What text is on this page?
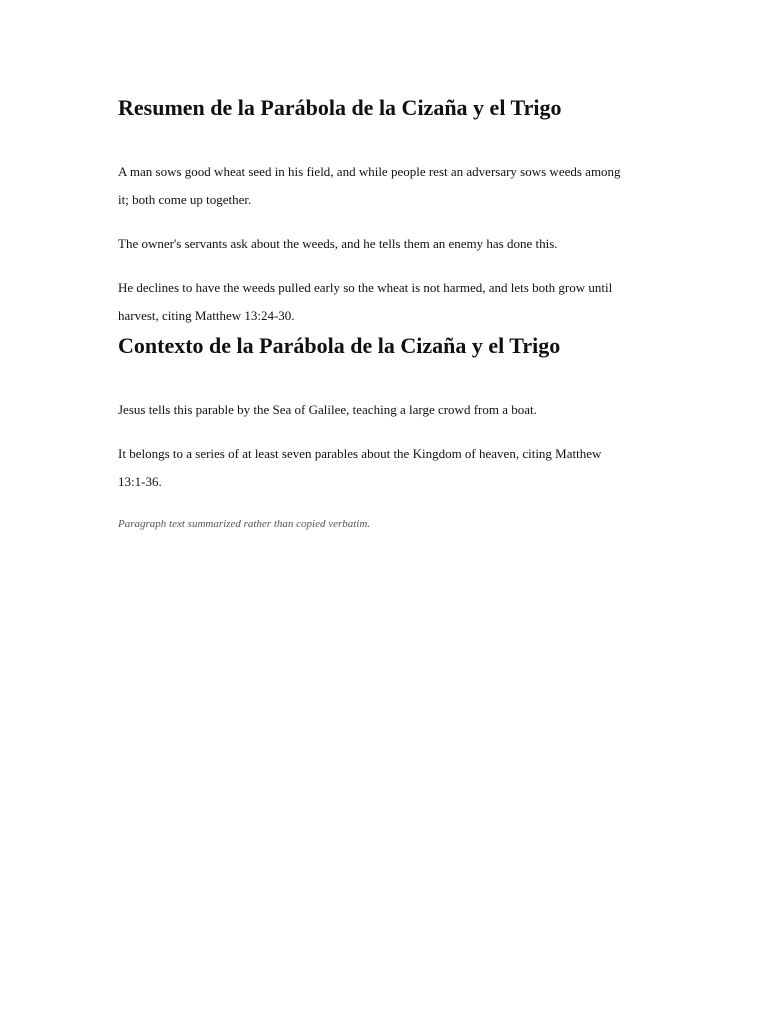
Resumen de la Parábola de la Cizaña y el Trigo

A man sows good wheat seed in his field, and while people rest an adversary sows weeds among it; both come up together.

The owner's servants ask about the weeds, and he tells them an enemy has done this.

He declines to have the weeds pulled early so the wheat is not harmed, and lets both grow until harvest, citing Matthew 13:24-30.

Contexto de la Parábola de la Cizaña y el Trigo

Jesus tells this parable by the Sea of Galilee, teaching a large crowd from a boat.

It belongs to a series of at least seven parables about the Kingdom of heaven, citing Matthew 13:1-36.

Paragraph text summarized rather than copied verbatim.
